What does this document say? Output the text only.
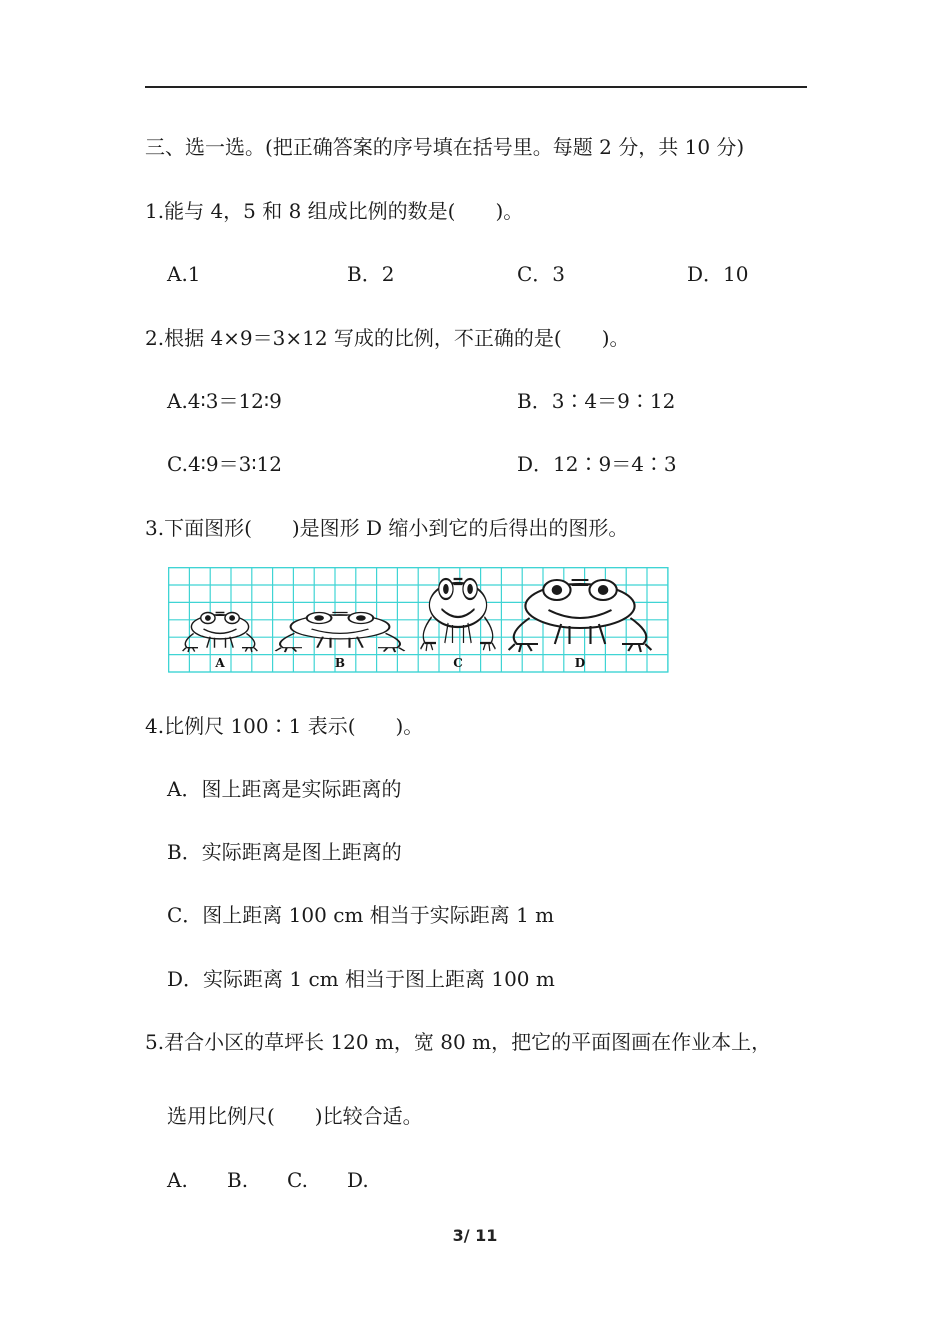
三、选一选。(把正确答案的序号填在括号里。每题 2 分，共 10 分)
1.能与 4，5 和 8 组成比例的数是(　　)。
A.1	B．2	C．3	D．10
2.根据 4×9＝3×12 写成的比例，不正确的是(　　)。
A.4∶3＝12∶9	B．3∶4＝9∶12
C.4∶9＝3∶12	D．12∶9＝4∶3
3.下面图形(　　)是图形 D 缩小到它的后得出的图形。
A	B	C	D
4.比例尺 100∶1 表示(　　)。
A．图上距离是实际距离的
B．实际距离是图上距离的
C．图上距离 100 cm 相当于实际距离 1 m
D．实际距离 1 cm 相当于图上距离 100 m
5.君合小区的草坪长 120 m，宽 80 m，把它的平面图画在作业本上，
选用比例尺(　　)比较合适。
A. B. C. D.
3/ 11
